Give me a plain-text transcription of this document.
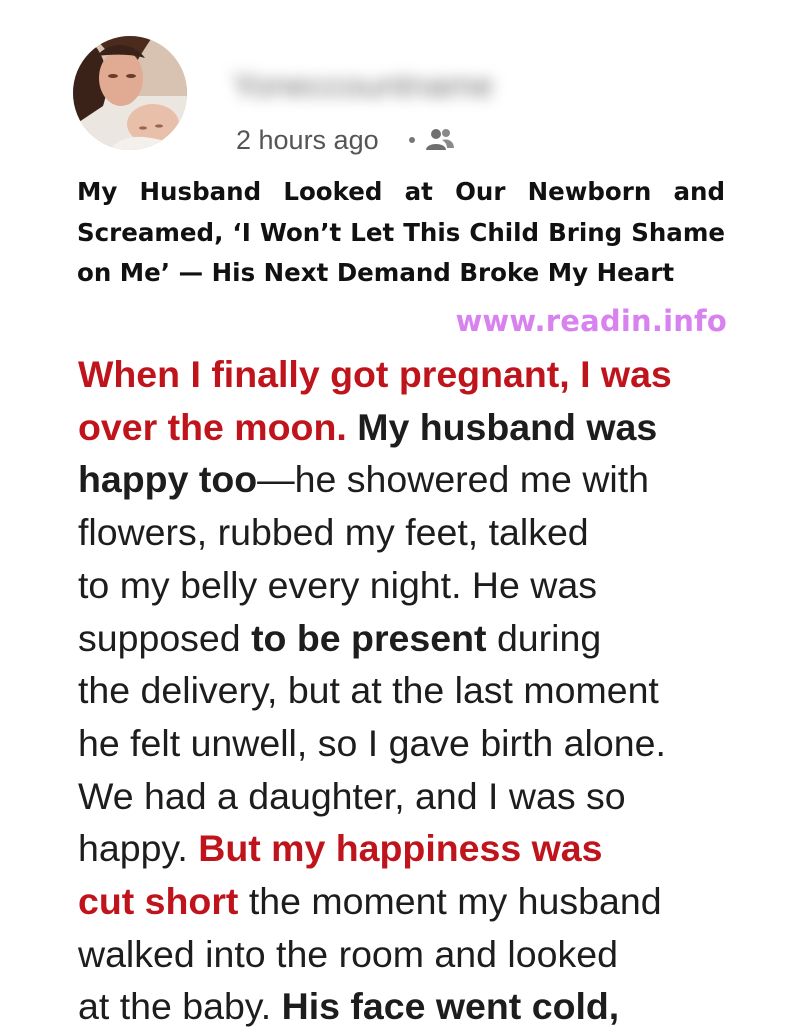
Yoneccountname
2 hours ago

My Husband Looked at Our Newborn and Screamed, ‘I Won’t Let This Child Bring Shame on Me’ — His Next Demand Broke My Heart

www.readin.info

When I finally got pregnant, I was
over the moon. My husband was
happy too—he showered me with
flowers, rubbed my feet, talked
to my belly every night. He was
supposed to be present during
the delivery, but at the last moment
he felt unwell, so I gave birth alone.
We had a daughter, and I was so
happy. But my happiness was
cut short the moment my husband
walked into the room and looked
at the baby. His face went cold,
